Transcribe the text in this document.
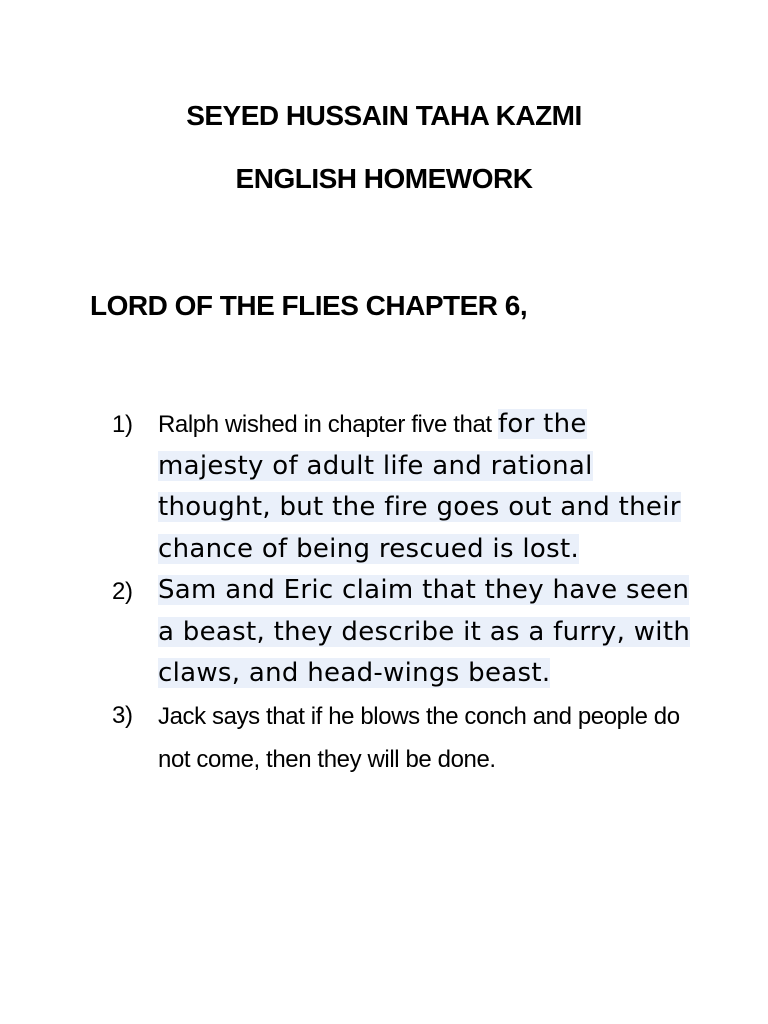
SEYED HUSSAIN TAHA KAZMI
ENGLISH HOMEWORK
LORD OF THE FLIES CHAPTER 6,
1) Ralph wished in chapter five that for the majesty of adult life and rational thought, but the fire goes out and their chance of being rescued is lost.
2) Sam and Eric claim that they have seen a beast, they describe it as a furry, with claws, and head-wings beast.
3) Jack says that if he blows the conch and people do not come, then they will be done.
